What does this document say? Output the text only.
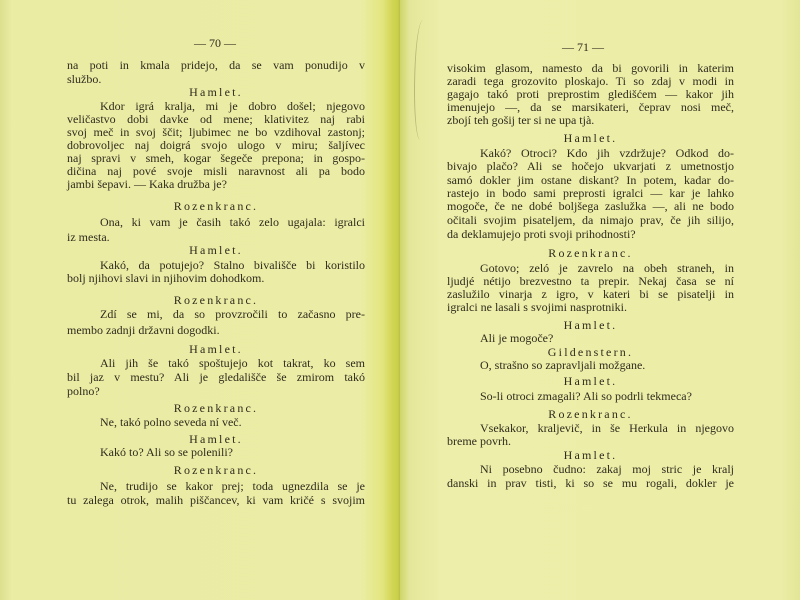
— 70 —
na poti in kmala pridejo, da se vam ponudijo v
službo.
Hamlet.
Kdor igrá kralja, mi je dobro došel; njegovo
veličastvo dobi davke od mene; klativitez naj rabi
svoj meč in svoj ščit; ljubimec ne bo vzdihoval zastonj;
dobrovoljec naj doigrá svojo ulogo v miru; šaljívec
naj spravi v smeh, kogar šegeče prepona; in gospo-
dičina naj pové svoje misli naravnost ali pa bodo
jambi šepavi. — Kaka družba je?
Rozenkranc.
Ona, ki vam je časih takó zelo ugajala: igralci
iz mesta.
Hamlet.
Kakó, da potujejo? Stalno bivališče bi koristilo
bolj njihovi slavi in njihovim dohodkom.
Rozenkranc.
Zdí se mi, da so provzročili to začasno pre-
membo zadnji državni dogodki.
Hamlet.
Ali jih še takó spoštujejo kot takrat, ko sem
bil jaz v mestu? Ali je gledališče še zmirom takó
polno?
Rozenkranc.
Ne, takó polno seveda ní več.
Hamlet.
Kakó to? Ali so se polenili?
Rozenkranc.
Ne, trudijo se kakor prej; toda ugnezdila se je
tu zalega otrok, malih piščancev, ki vam kričé s svojim
— 71 —
visokim glasom, namesto da bi govorili in katerim
zaradi tega grozovito ploskajo. Ti so zdaj v modi in
gagajo takó proti preprostim gledišćem — kakor jih
imenujejo —, da se marsikateri, čeprav nosi meč,
zbojí teh gošij ter si ne upa tjà.
Hamlet.
Kakó? Otroci? Kdo jih vzdržuje? Odkod do-
bivajo plačo? Ali se hočejo ukvarjati z umetnostjo
samó dokler jim ostane diskant? In potem, kadar do-
rastejo in bodo sami preprosti igralci — kar je lahko
mogoče, če ne dobé boljšega zaslužka —, ali ne bodo
očitali svojim pisateljem, da nimajo prav, če jih silijo,
da deklamujejo proti svoji prihodnosti?
Rozenkranc.
Gotovo; zeló je zavrelo na obeh straneh, in
ljudjé nétijo brezvestno ta prepir. Nekaj časa se ní
zaslužilo vinarja z igro, v kateri bi se pisatelji in
igralci ne lasali s svojimi nasprotniki.
Hamlet.
Ali je mogoče?
Gildenstern.
O, strašno so zapravljali možgane.
Hamlet.
So-li otroci zmagali? Ali so podrli tekmeca?
Rozenkranc.
Vsekakor, kraljevič, in še Herkula in njegovo
breme povrh.
Hamlet.
Ni posebno čudno: zakaj moj stric je kralj
danski in prav tisti, ki so se mu rogali, dokler je
